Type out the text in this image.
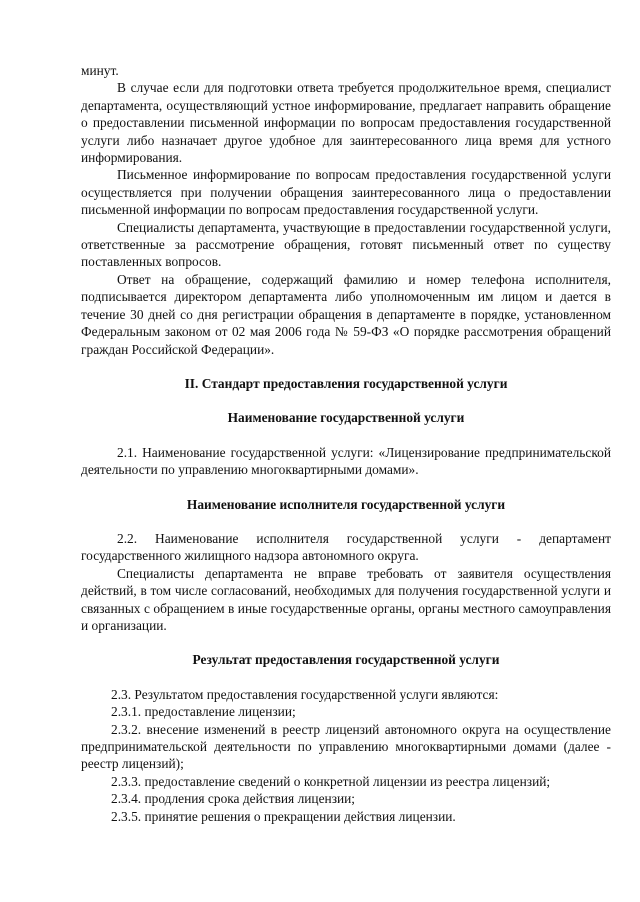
минут.

В случае если для подготовки ответа требуется продолжительное время, специалист департамента, осуществляющий устное информирование, предлагает направить обращение о предоставлении письменной информации по вопросам предоставления государственной услуги либо назначает другое удобное для заинтересованного лица время для устного информирования.

Письменное информирование по вопросам предоставления государственной услуги осуществляется при получении обращения заинтересованного лица о предоставлении письменной информации по вопросам предоставления государственной услуги.

Специалисты департамента, участвующие в предоставлении государственной услуги, ответственные за рассмотрение обращения, готовят письменный ответ по существу поставленных вопросов.

Ответ на обращение, содержащий фамилию и номер телефона исполнителя, подписывается директором департамента либо уполномоченным им лицом и дается в течение 30 дней со дня регистрации обращения в департаменте в порядке, установленном Федеральным законом от 02 мая 2006 года № 59-ФЗ «О порядке рассмотрения обращений граждан Российской Федерации».

II. Стандарт предоставления государственной услуги
Наименование государственной услуги

2.1. Наименование государственной услуги: «Лицензирование предпринимательской деятельности по управлению многоквартирными домами».

Наименование исполнителя государственной услуги

2.2. Наименование исполнителя государственной услуги - департамент государственного жилищного надзора автономного округа.

Специалисты департамента не вправе требовать от заявителя осуществления действий, в том числе согласований, необходимых для получения государственной услуги и связанных с обращением в иные государственные органы, органы местного самоуправления и организации.

Результат предоставления государственной услуги

2.3. Результатом предоставления государственной услуги являются:

2.3.1. предоставление лицензии;

2.3.2. внесение изменений в реестр лицензий автономного округа на осуществление предпринимательской деятельности по управлению многоквартирными домами (далее - реестр лицензий);

2.3.3. предоставление сведений о конкретной лицензии из реестра лицензий;

2.3.4. продления срока действия лицензии;

2.3.5. принятие решения о прекращении действия лицензии.
